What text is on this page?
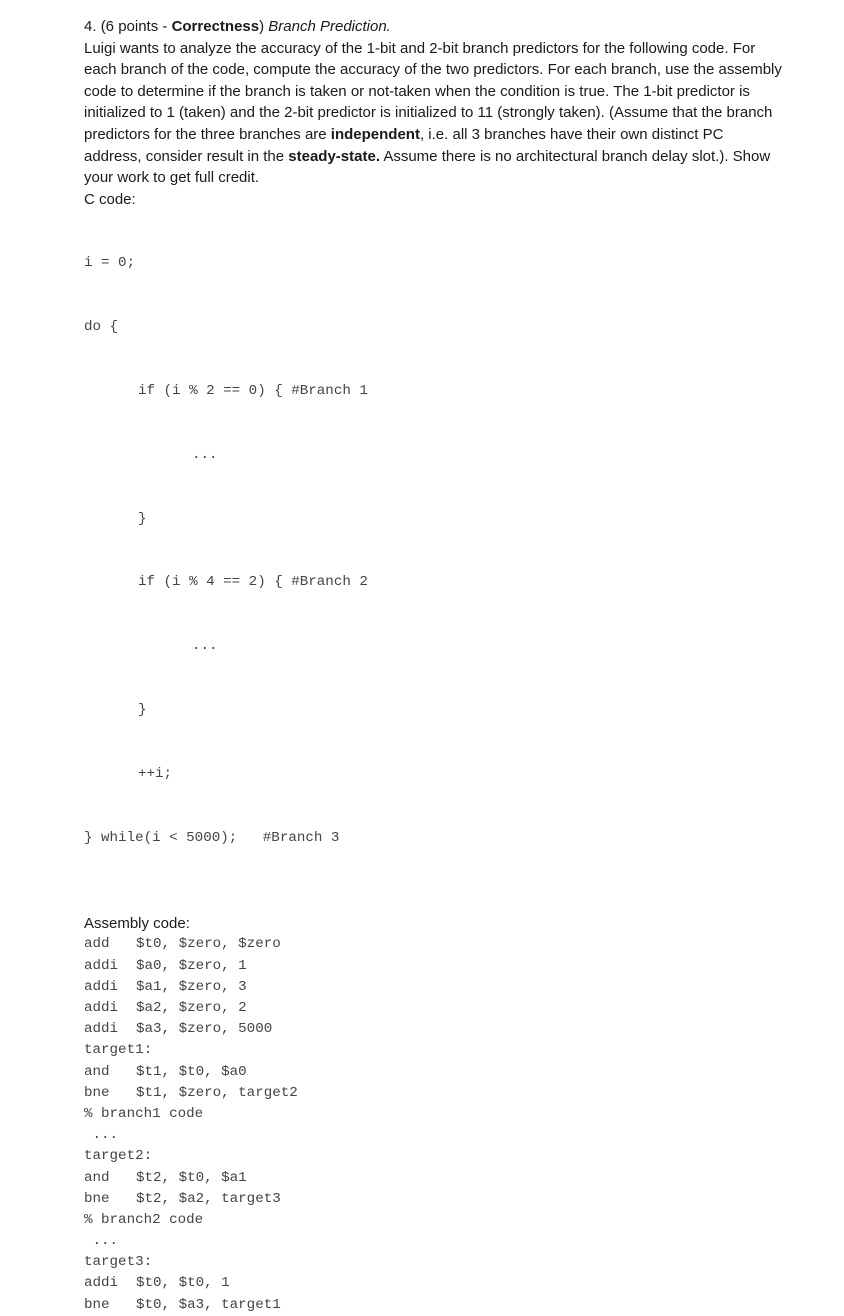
4. (6 points - Correctness) Branch Prediction.
Luigi wants to analyze the accuracy of the 1-bit and 2-bit branch predictors for the following code. For each branch of the code, compute the accuracy of the two predictors. For each branch, use the assembly code to determine if the branch is taken or not-taken when the condition is true. The 1-bit predictor is initialized to 1 (taken) and the 2-bit predictor is initialized to 11 (strongly taken). (Assume that the branch predictors for the three branches are independent, i.e. all 3 branches have their own distinct PC address, consider result in the steady-state. Assume there is no architectural branch delay slot.). Show your work to get full credit.

C code:

i = 0;

do {

if (i % 2 == 0) { #Branch 1

...

}

if (i % 4 == 2) { #Branch 2

...

}

++i;

} while(i < 5000);   #Branch 3

Assembly code:
add $t0, $zero, $zero
addi $a0, $zero, 1
addi $a1, $zero, 3
addi $a2, $zero, 2
addi $a3, $zero, 5000
target1:
and $t1, $t0, $a0
bne $t1, $zero, target2
% branch1 code
...
target2:
and $t2, $t0, $a1
bne $t2, $a2, target3
% branch2 code
...
target3:
addi $t0, $t0, 1
bne $t0, $a3, target1
